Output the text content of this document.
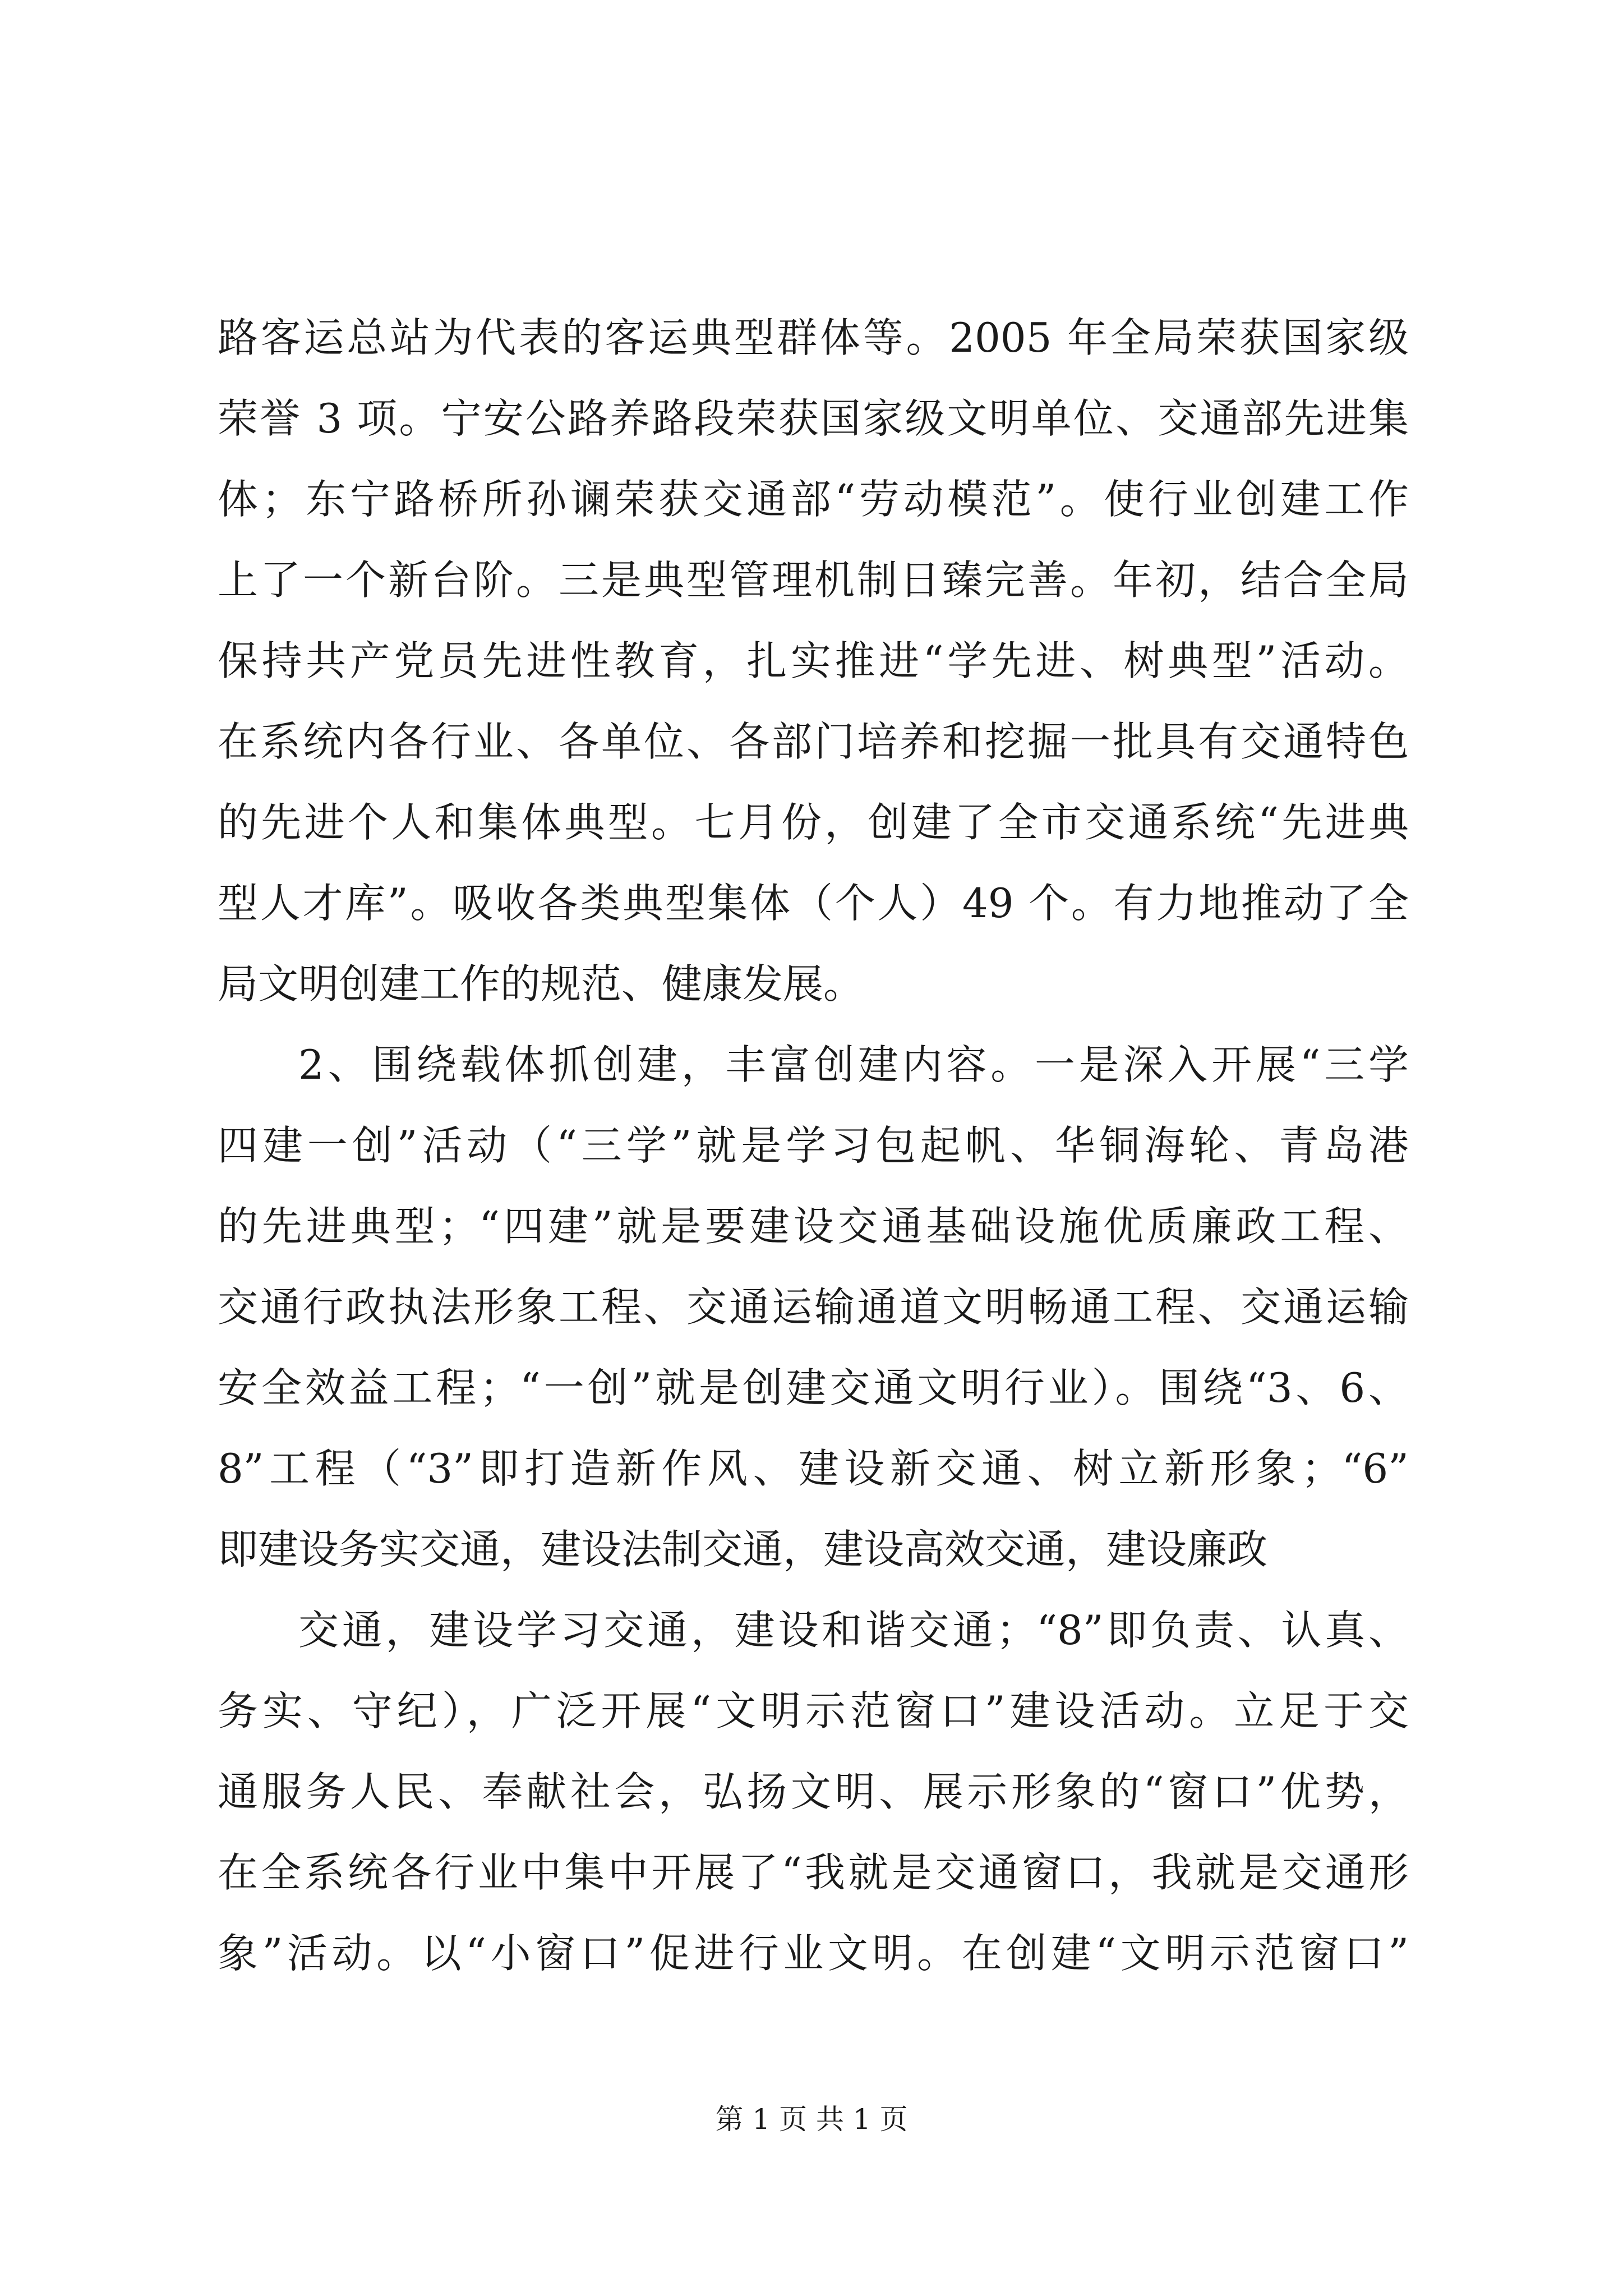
路客运总站为代表的客运典型群体等。2005 年全局荣获国家级
荣誉 3 项。宁安公路养路段荣获国家级文明单位、交通部先进集
体；东宁路桥所孙谰荣获交通部“劳动模范”。使行业创建工作
上了一个新台阶。三是典型管理机制日臻完善。年初，结合全局
保持共产党员先进性教育，扎实推进“学先进、树典型”活动。
在系统内各行业、各单位、各部门培养和挖掘一批具有交通特色
的先进个人和集体典型。七月份，创建了全市交通系统“先进典
型人才库”。吸收各类典型集体（个人）49 个。有力地推动了全
局文明创建工作的规范、健康发展。
2、围绕载体抓创建，丰富创建内容。一是深入开展“三学
四建一创”活动（“三学”就是学习包起帆、华铜海轮、青岛港
的先进典型；“四建”就是要建设交通基础设施优质廉政工程、
交通行政执法形象工程、交通运输通道文明畅通工程、交通运输
安全效益工程；“一创”就是创建交通文明行业）。围绕“3、6、
8”工程（“3”即打造新作风、建设新交通、树立新形象；“6”
即建设务实交通，建设法制交通，建设高效交通，建设廉政
交通，建设学习交通，建设和谐交通；“8”即负责、认真、
务实、守纪），广泛开展“文明示范窗口”建设活动。立足于交
通服务人民、奉献社会，弘扬文明、展示形象的“窗口”优势，
在全系统各行业中集中开展了“我就是交通窗口，我就是交通形
象”活动。以“小窗口”促进行业文明。在创建“文明示范窗口”
第 1 页 共 1 页
